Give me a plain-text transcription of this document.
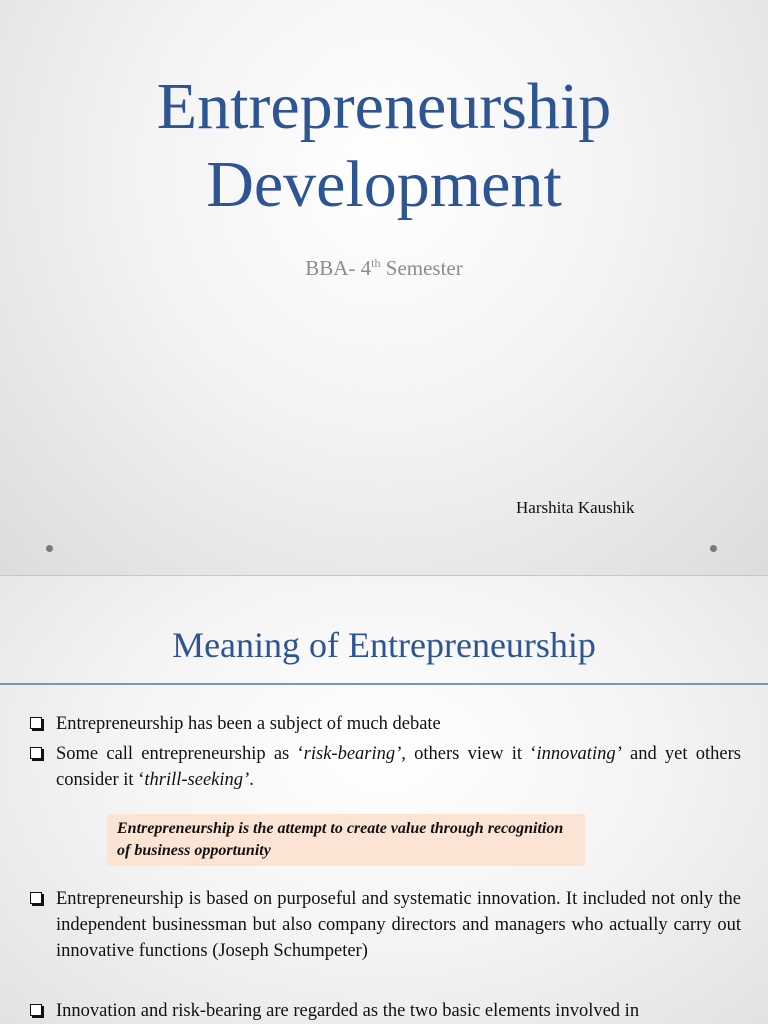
Entrepreneurship
Development
BBA- 4th Semester
Harshita Kaushik
Meaning of Entrepreneurship
Entrepreneurship has been a subject of much debate
Some call entrepreneurship as ‘risk-bearing’, others view it ‘innovating’ and yet others consider it ‘thrill-seeking’.
Entrepreneurship is the attempt to create value through recognition of business opportunity
Entrepreneurship is based on purposeful and systematic innovation. It included not only the independent businessman but also company directors and managers who actually carry out innovative functions (Joseph Schumpeter)
Innovation and risk-bearing are regarded as the two basic elements involved in
